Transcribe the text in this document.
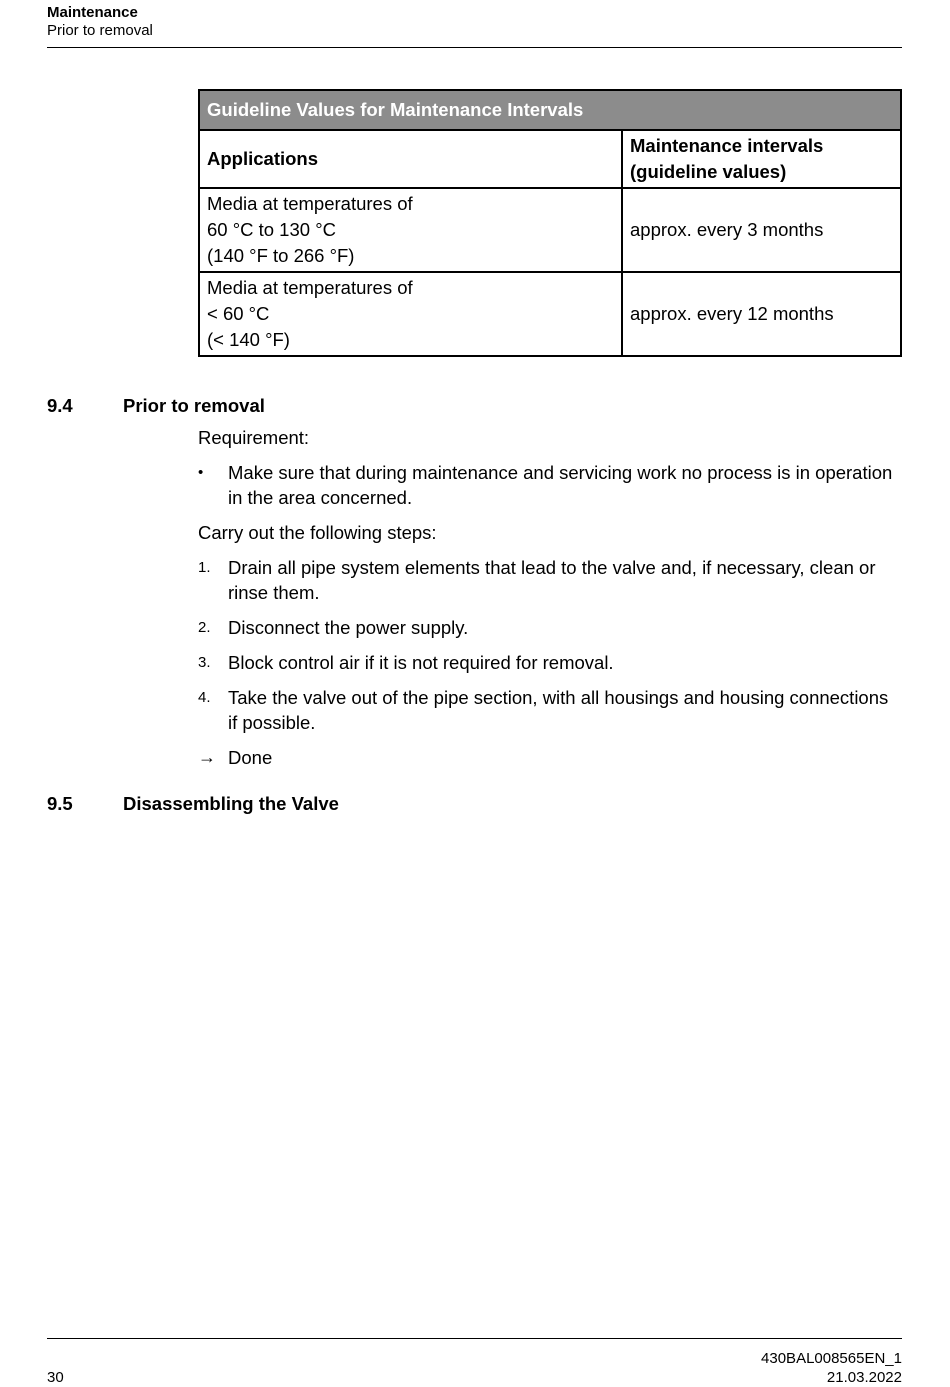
Maintenance
Prior to removal
Guideline Values for Maintenance Intervals	
Applications	Maintenance intervals (guideline values)

Media at temperatures of
60 °C to 130 °C
(140 °F to 266 °F)	approx. every 3 months

Media at temperatures of
< 60 °C
(< 140 °F)	approx. every 12 months
9.4	Prior to removal

Requirement:

• Make sure that during maintenance and servicing work no process is in operation in the area concerned.

Carry out the following steps:

1. Drain all pipe system elements that lead to the valve and, if necessary, clean or rinse them.
2. Disconnect the power supply.
3. Block control air if it is not required for removal.
4. Take the valve out of the pipe section, with all housings and housing connections if possible.
→ Done
9.5	Disassembling the Valve
30
430BAL008565EN_1
21.03.2022
